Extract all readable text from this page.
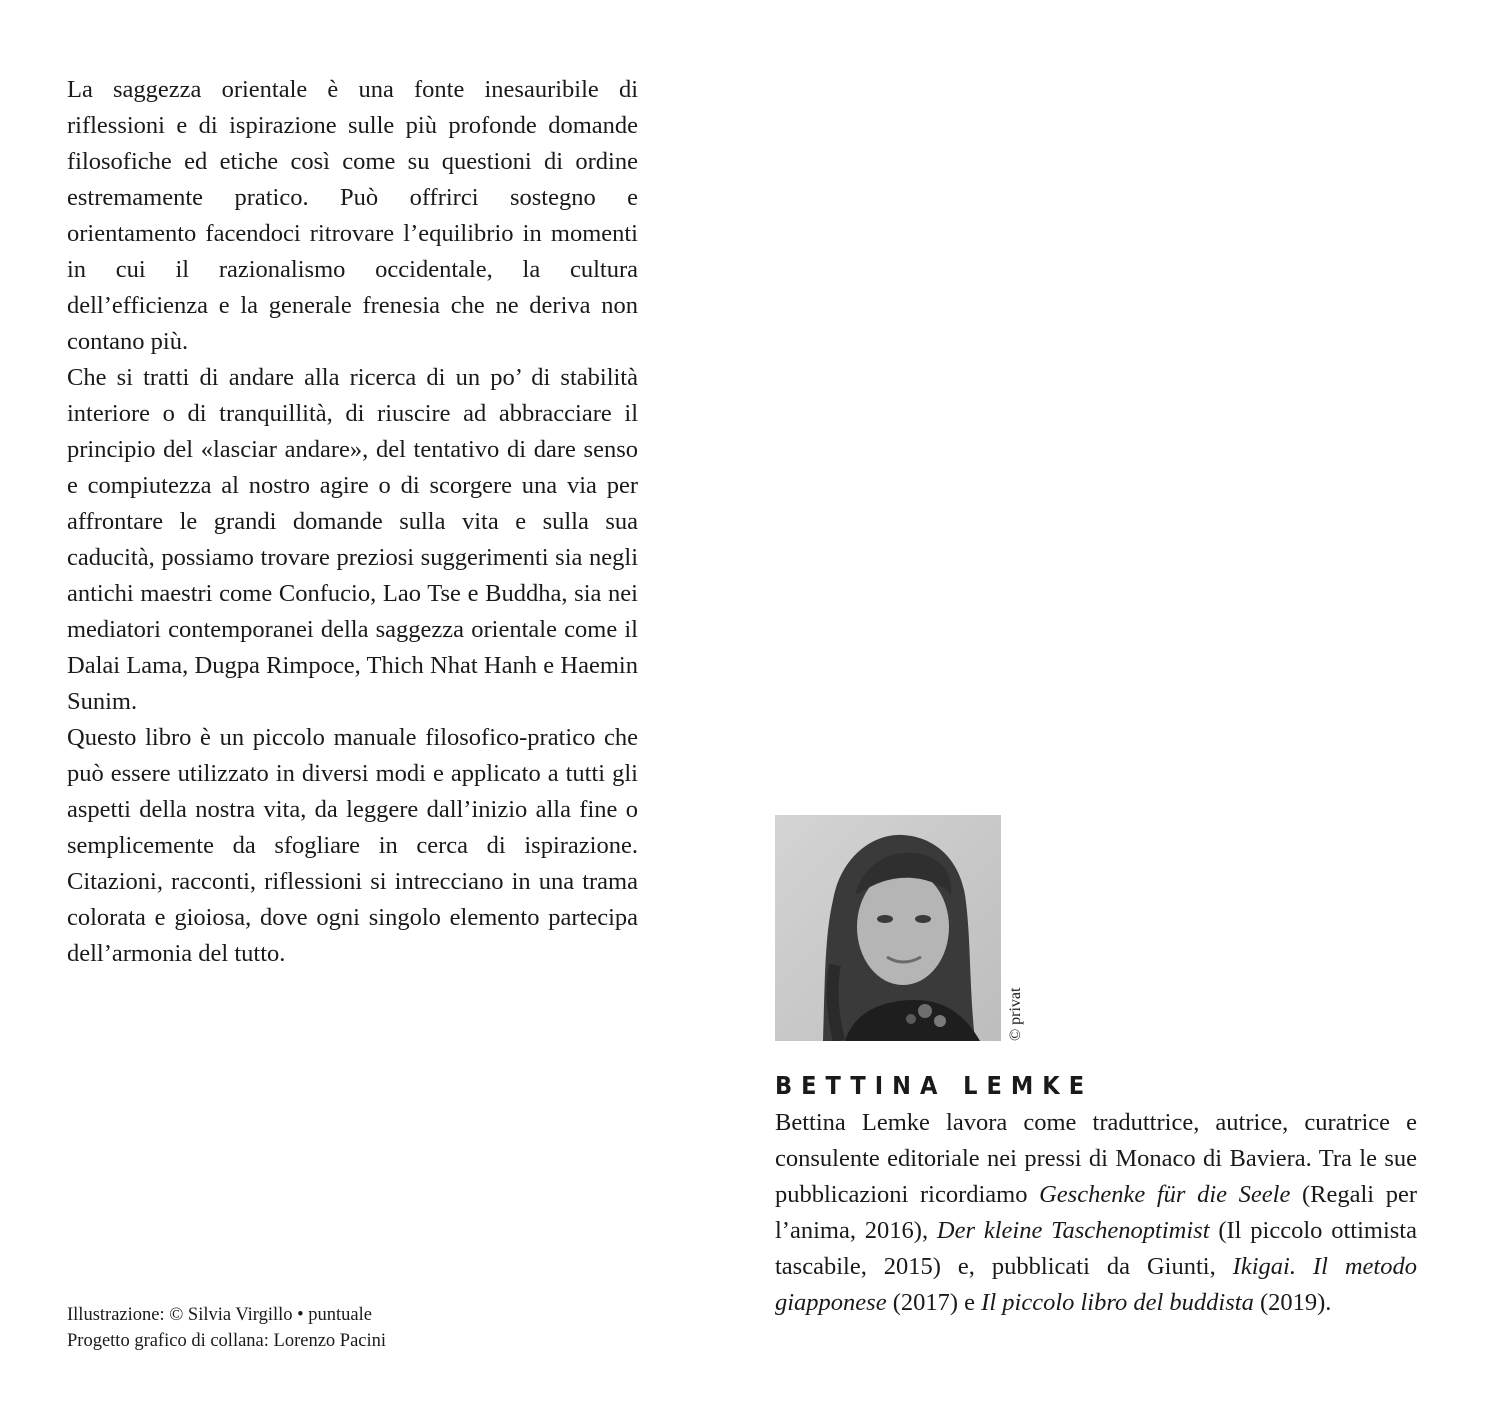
La saggezza orientale è una fonte inesauribile di riflessioni e di ispirazione sulle più profonde domande filosofiche ed etiche così come su questioni di ordine estremamente pratico. Può offrirci sostegno e orientamento facendoci ritrovare l’equilibrio in momenti in cui il razionalismo occidentale, la cultura dell’efficienza e la generale frenesia che ne deriva non contano più.

Che si tratti di andare alla ricerca di un po’ di stabilità interiore o di tranquillità, di riuscire ad abbracciare il principio del «lasciar andare», del tentativo di dare senso e compiutezza al nostro agire o di scorgere una via per affrontare le grandi domande sulla vita e sulla sua caducità, possiamo trovare preziosi suggerimenti sia negli antichi maestri come Confucio, Lao Tse e Buddha, sia nei mediatori contemporanei della saggezza orientale come il Dalai Lama, Dugpa Rimpoce, Thich Nhat Hanh e Haemin Sunim.

Questo libro è un piccolo manuale filosofico-pratico che può essere utilizzato in diversi modi e applicato a tutti gli aspetti della nostra vita, da leggere dall’inizio alla fine o semplicemente da sfogliare in cerca di ispirazione. Citazioni, racconti, riflessioni si intrecciano in una trama colorata e gioiosa, dove ogni singolo elemento partecipa dell’armonia del tutto.

Illustrazione: © Silvia Virgillo • puntuale
Progetto grafico di collana: Lorenzo Pacini
© privat
BETTINA LEMKE
Bettina Lemke lavora come traduttrice, autrice, curatrice e consulente editoriale nei pressi di Monaco di Baviera. Tra le sue pubblicazioni ricordiamo Geschenke für die Seele (Regali per l’anima, 2016), Der kleine Taschenoptimist (Il piccolo ottimista tascabile, 2015) e, pubblicati da Giunti, Ikigai. Il metodo giapponese (2017) e Il piccolo libro del buddista (2019).
